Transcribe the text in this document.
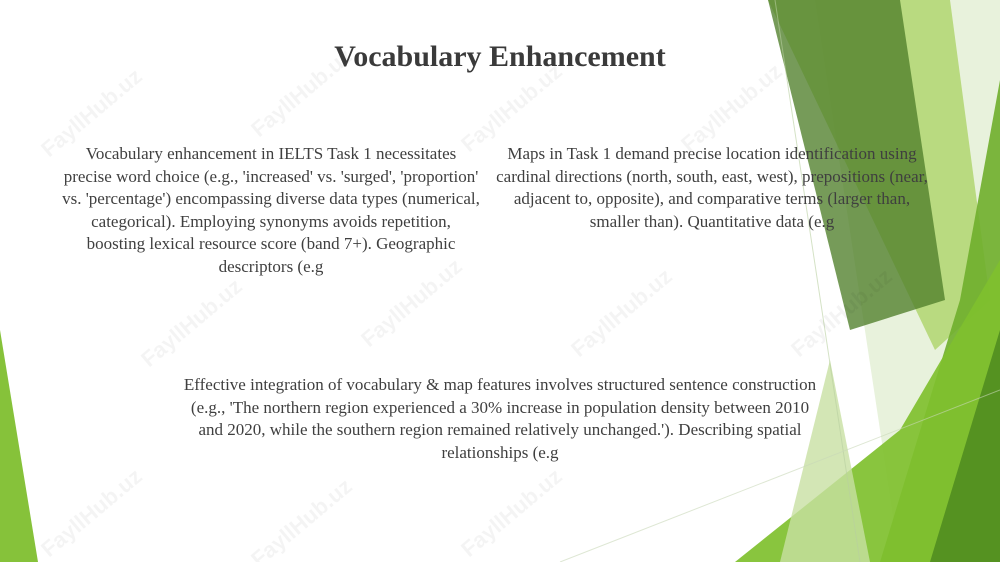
Vocabulary Enhancement

Vocabulary enhancement in IELTS Task 1 necessitates precise word choice (e.g., 'increased' vs. 'surged', 'proportion' vs. 'percentage') encompassing diverse data types (numerical, categorical). Employing synonyms avoids repetition, boosting lexical resource score (band 7+). Geographic descriptors (e.g

Maps in Task 1 demand precise location identification using cardinal directions (north, south, east, west), prepositions (near, adjacent to, opposite), and comparative terms (larger than, smaller than). Quantitative data (e.g

Effective integration of vocabulary & map features involves structured sentence construction (e.g., 'The northern region experienced a 30% increase in population density between 2010 and 2020, while the southern region remained relatively unchanged.'). Describing spatial relationships (e.g
